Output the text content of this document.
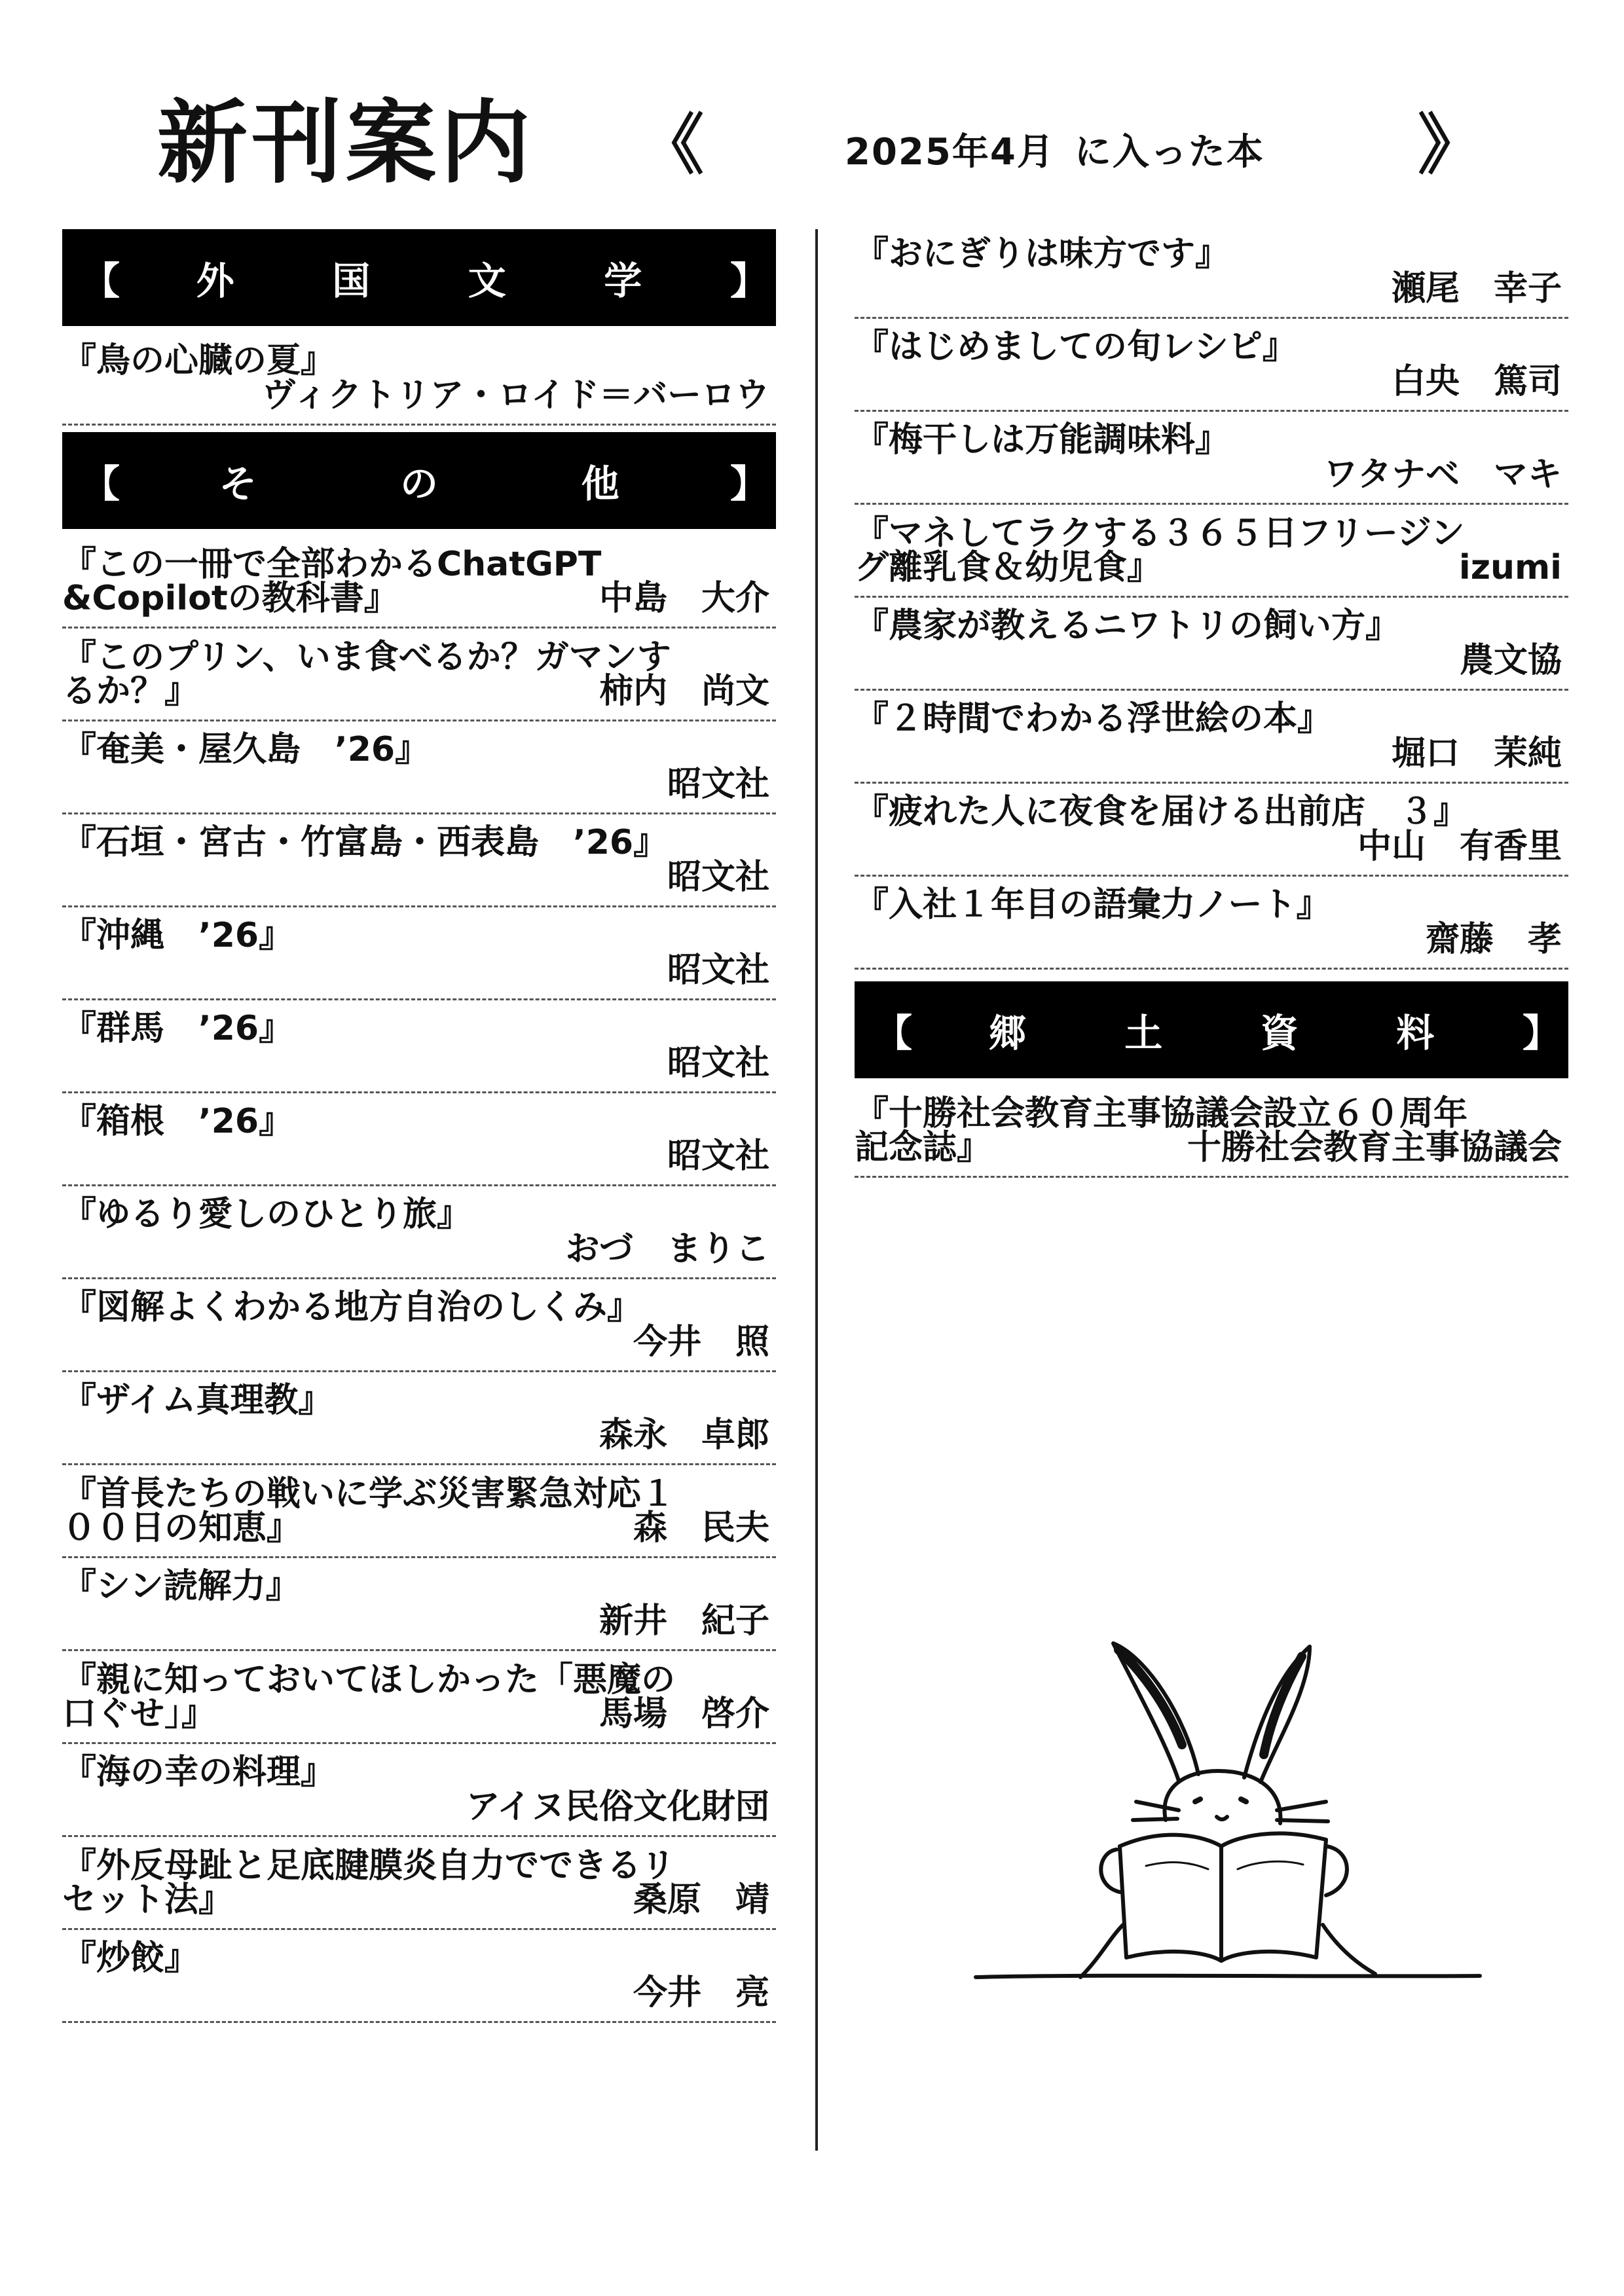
新刊案内 《	2025年4月 に入った本 》
【 外	国	文	学 】
『鳥の心臓の夏』
ヴィクトリア・ロイド＝バーロウ
【	そ	の	他	】
『この一冊で全部わかるChatGPT
&Copilotの教科書』	中島　大介
『このプリン、いま食べるか？ガマンす
るか？』	柿内　尚文
『奄美・屋久島　’26』
昭文社
『石垣・宮古・竹富島・西表島　’26』
昭文社
『沖縄　’26』
昭文社
『群馬　’26』
昭文社
『箱根　’26』
昭文社
『ゆるり愛しのひとり旅』
おづ　まりこ
『図解よくわかる地方自治のしくみ』
今井　照
『ザイム真理教』
森永　卓郎
『首長たちの戦いに学ぶ災害緊急対応１
００日の知恵』	森　民夫
『シン読解力』
新井　紀子
『親に知っておいてほしかった「悪魔の
口ぐせ」』	馬場　啓介
『海の幸の料理』
アイヌ民俗文化財団
『外反母趾と足底腱膜炎自力でできるリ
セット法』	桑原　靖
『炒餃』
今井　亮
『おにぎりは味方です』
瀬尾　幸子
『はじめましての旬レシピ』
白央　篤司
『梅干しは万能調味料』
ワタナベ　マキ
『マネしてラクする３６５日フリージン
グ離乳食＆幼児食』	izumi
『農家が教えるニワトリの飼い方』
農文協
『２時間でわかる浮世絵の本』
堀口　茉純
『疲れた人に夜食を届ける出前店　３』
中山　有香里
『入社１年目の語彙力ノート』
齋藤　孝
【 郷	土	資	料 】
『十勝社会教育主事協議会設立６０周年
記念誌』	十勝社会教育主事協議会
